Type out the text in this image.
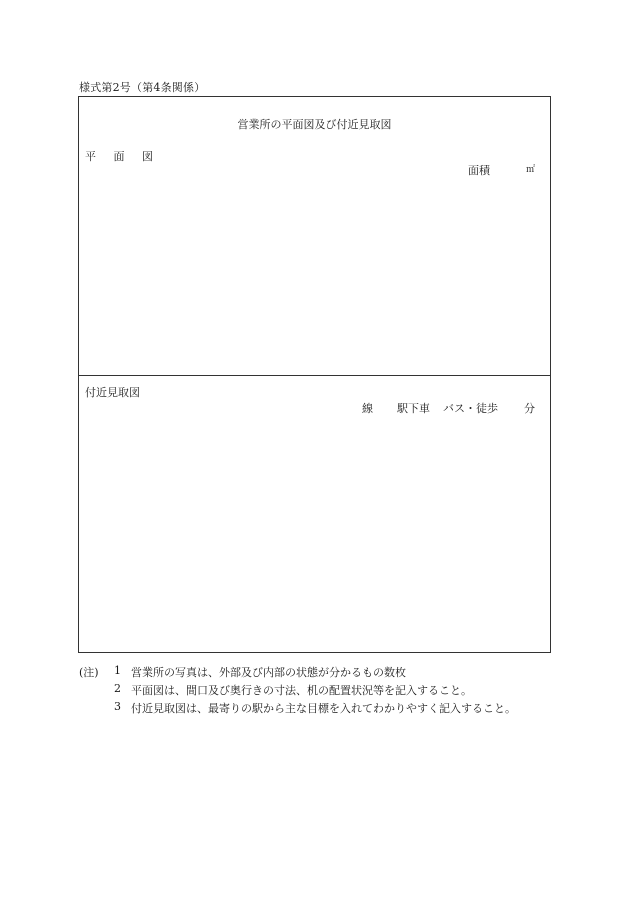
様式第2号（第4条関係）
営業所の平面図及び付近見取図
平 面 図
面積	㎡
付近見取図
線 駅下車 バス・徒歩 分
(注) 1 営業所の写真は、外部及び内部の状態が分かるもの数枚
2 平面図は、間口及び奥行きの寸法、机の配置状況等を記入すること。
3 付近見取図は、最寄りの駅から主な目標を入れてわかりやすく記入すること。
